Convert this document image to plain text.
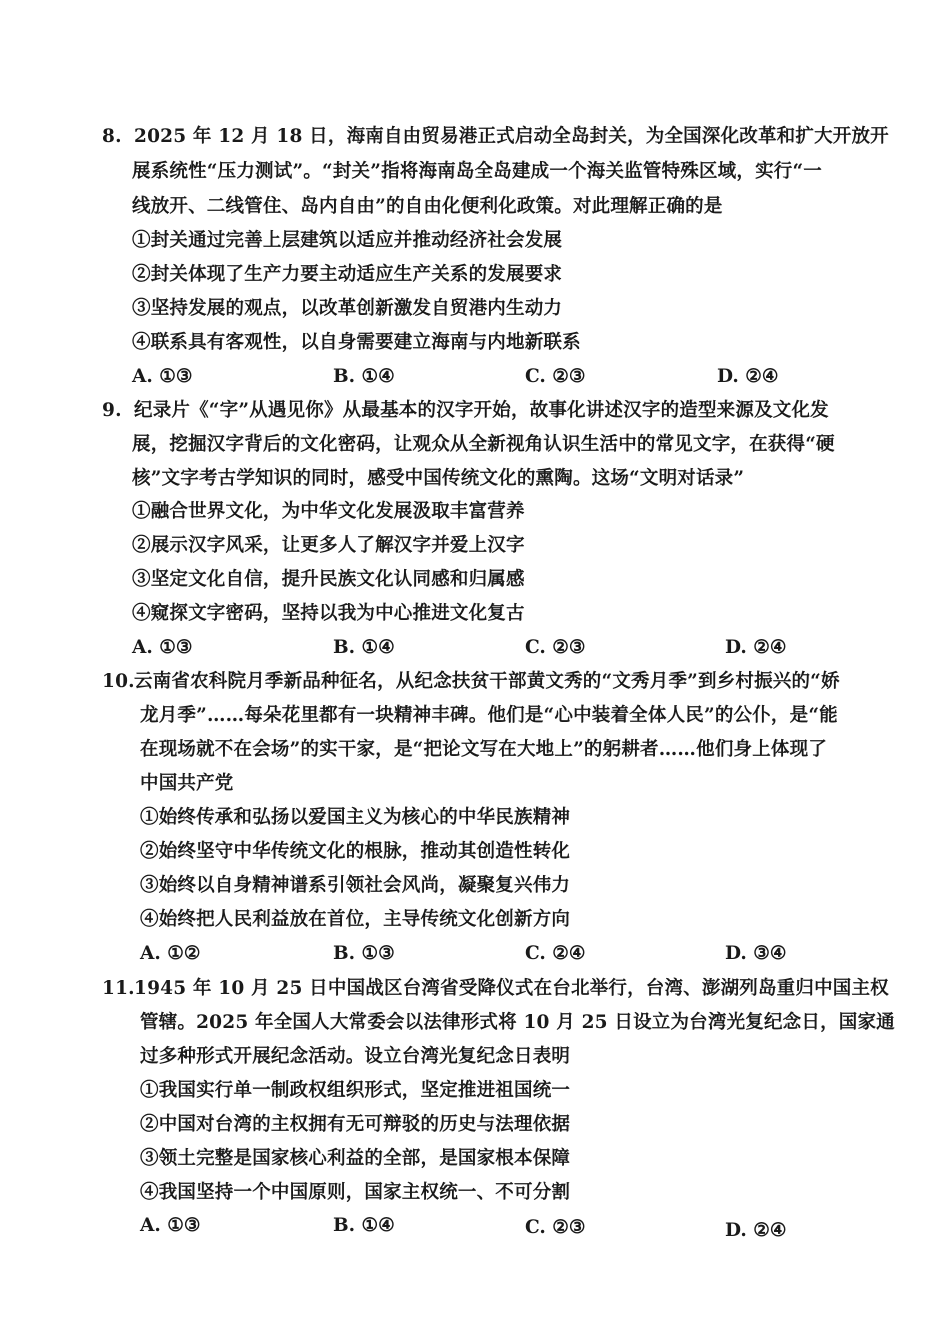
8. 2025 年 12 月 18 日，海南自由贸易港正式启动全岛封关，为全国深化改革和扩大开放开
展系统性“压力测试”。“封关”指将海南岛全岛建成一个海关监管特殊区域，实行“一
线放开、二线管住、岛内自由”的自由化便利化政策。对此理解正确的是
①封关通过完善上层建筑以适应并推动经济社会发展
②封关体现了生产力要主动适应生产关系的发展要求
③坚持发展的观点，以改革创新激发自贸港内生动力
④联系具有客观性，以自身需要建立海南与内地新联系
A. ①③	B. ①④	C. ②③	D. ②④
9. 纪录片《“字”从遇见你》从最基本的汉字开始，故事化讲述汉字的造型来源及文化发
展，挖掘汉字背后的文化密码，让观众从全新视角认识生活中的常见文字，在获得“硬
核”文字考古学知识的同时，感受中国传统文化的熏陶。这场“文明对话录”
①融合世界文化，为中华文化发展汲取丰富营养
②展示汉字风采，让更多人了解汉字并爱上汉字
③坚定文化自信，提升民族文化认同感和归属感
④窥探文字密码，坚持以我为中心推进文化复古
A. ①③	B. ①④	C. ②③	D. ②④
10.云南省农科院月季新品种征名，从纪念扶贫干部黄文秀的“文秀月季”到乡村振兴的“娇
龙月季”……每朵花里都有一块精神丰碑。他们是“心中装着全体人民”的公仆，是“能
在现场就不在会场”的实干家，是“把论文写在大地上”的躬耕者……他们身上体现了
中国共产党
①始终传承和弘扬以爱国主义为核心的中华民族精神
②始终坚守中华传统文化的根脉，推动其创造性转化
③始终以自身精神谱系引领社会风尚，凝聚复兴伟力
④始终把人民利益放在首位，主导传统文化创新方向
A. ①②	B. ①③	C. ②④	D. ③④
11.1945 年 10 月 25 日中国战区台湾省受降仪式在台北举行，台湾、澎湖列岛重归中国主权
管辖。2025 年全国人大常委会以法律形式将 10 月 25 日设立为台湾光复纪念日，国家通
过多种形式开展纪念活动。设立台湾光复纪念日表明
①我国实行单一制政权组织形式，坚定推进祖国统一
②中国对台湾的主权拥有无可辩驳的历史与法理依据
③领土完整是国家核心利益的全部，是国家根本保障
④我国坚持一个中国原则，国家主权统一、不可分割
A. ①③	B. ①④	C. ②③	D. ②④
